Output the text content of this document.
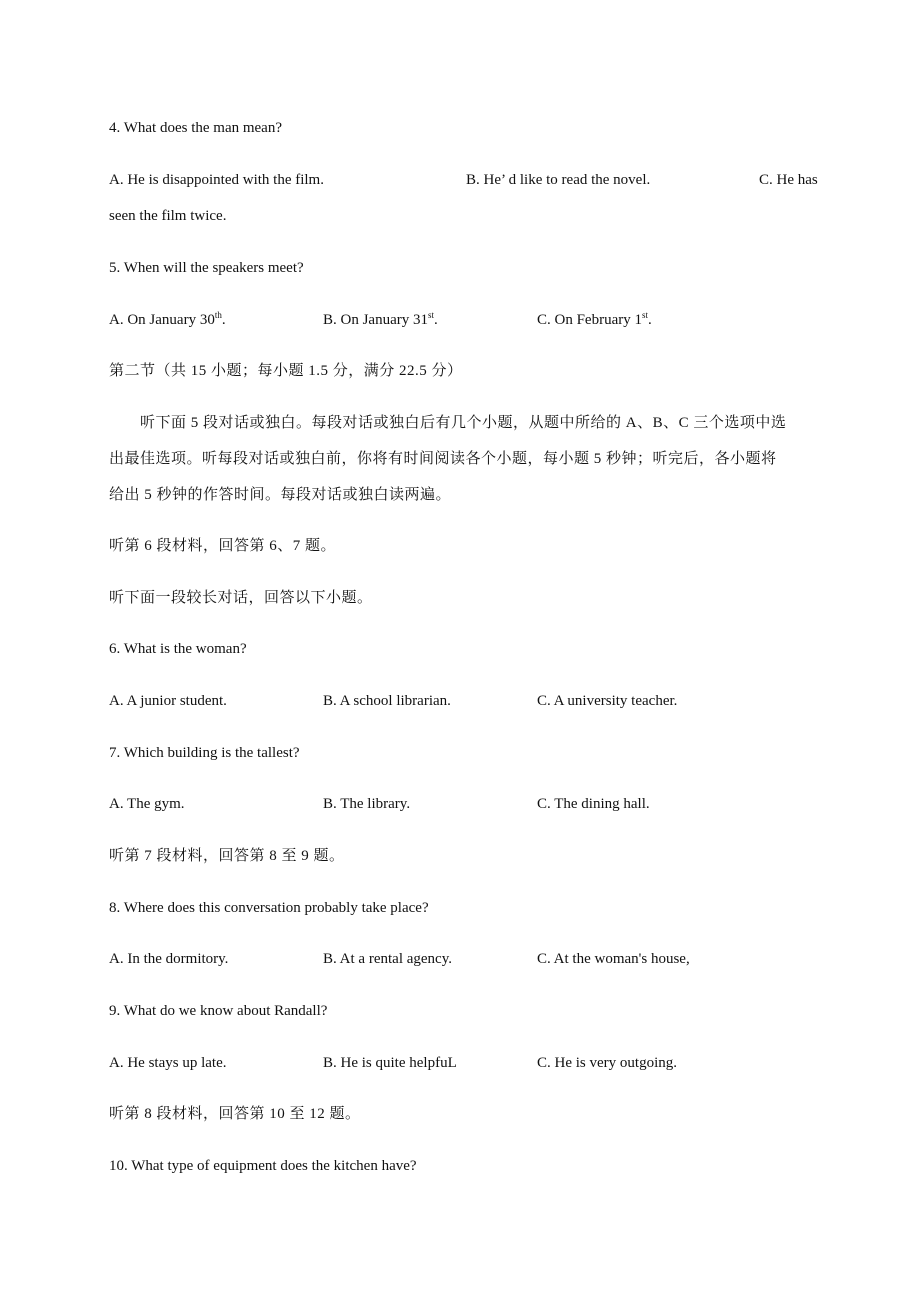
4. What does the man mean?
A. He is disappointed with the film.	B. He’ d like to read the novel.	C. He has
seen the film twice.
5. When will the speakers meet?
A. On January 30th.	B. On January 31st.	C. On February 1st.
第二节（共 15 小题；每小题 1.5 分，满分 22.5 分）
听下面 5 段对话或独白。每段对话或独白后有几个小题，从题中所给的 A、B、C 三个选项中选
出最佳选项。听每段对话或独白前，你将有时间阅读各个小题，每小题 5 秒钟；听完后，各小题将
给出 5 秒钟的作答时间。每段对话或独白读两遍。
听第 6 段材料，回答第 6、7 题。
听下面一段较长对话，回答以下小题。
6. What is the woman?
A. A junior student.	B. A school librarian.	C. A university teacher.
7. Which building is the tallest?
A. The gym.	B. The library.	C. The dining hall.
听第 7 段材料，回答第 8 至 9 题。
8. Where does this conversation probably take place?
A. In the dormitory.	B. At a rental agency.	C. At the woman's house,
9. What do we know about Randall?
A. He stays up late.	B. He is quite helpfuL	C. He is very outgoing.
听第 8 段材料，回答第 10 至 12 题。
10. What type of equipment does the kitchen have?
